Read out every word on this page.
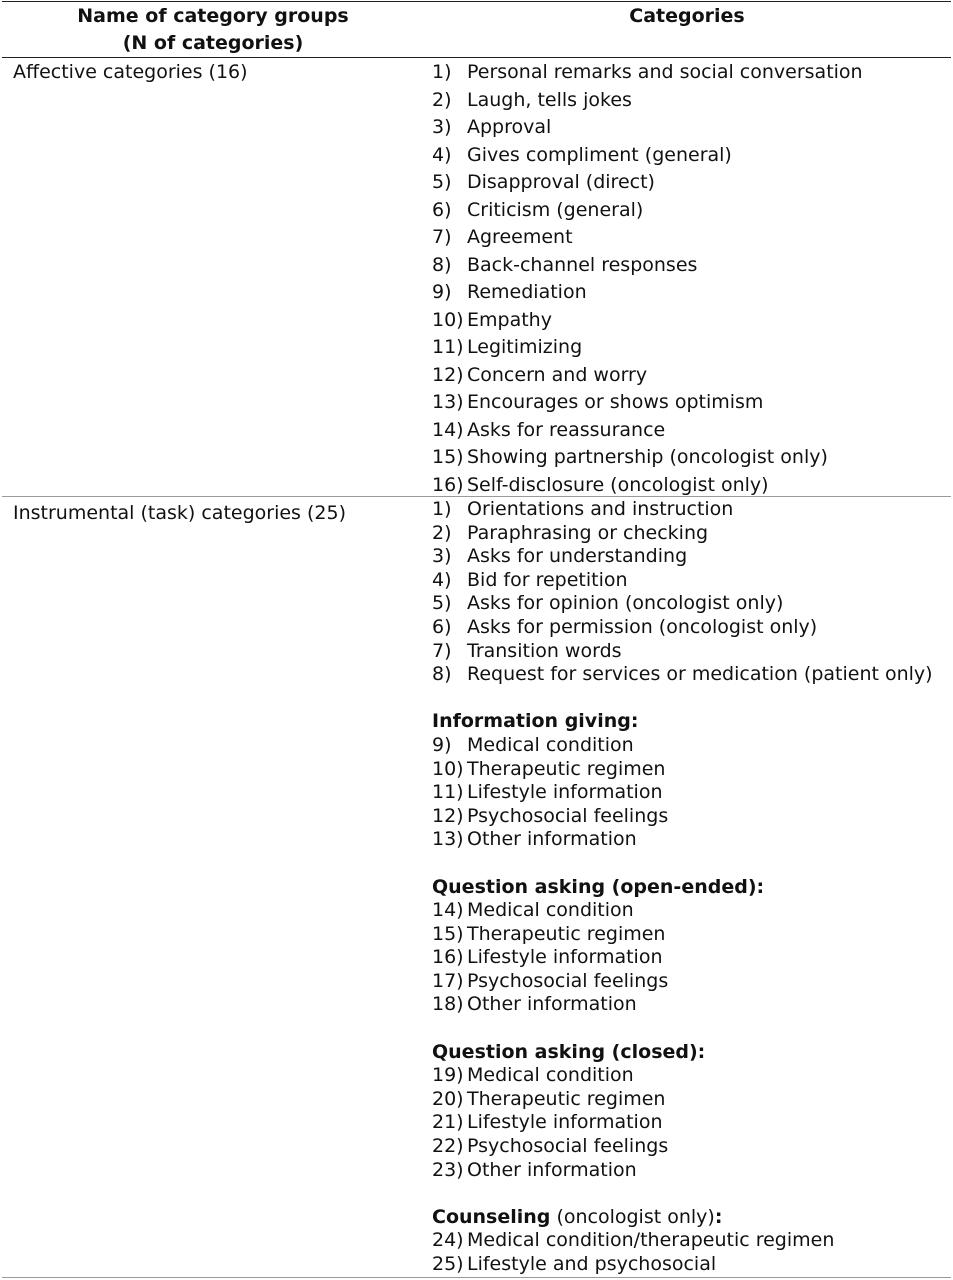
Name of category groups
(N of categories)
Categories
Affective categories (16)	1) Personal remarks and social conversation
2) Laugh, tells jokes
3) Approval
4) Gives compliment (general)
5) Disapproval (direct)
6) Criticism (general)
7) Agreement
8) Back-channel responses
9) Remediation
10) Empathy
11) Legitimizing
12) Concern and worry
13) Encourages or shows optimism
14) Asks for reassurance
15) Showing partnership (oncologist only)
16) Self-disclosure (oncologist only)
Instrumental (task) categories (25)	1) Orientations and instruction
2) Paraphrasing or checking
3) Asks for understanding
4) Bid for repetition
5) Asks for opinion (oncologist only)
6) Asks for permission (oncologist only)
7) Transition words
8) Request for services or medication (patient only)
Information giving:
9) Medical condition
10) Therapeutic regimen
11) Lifestyle information
12) Psychosocial feelings
13) Other information
Question asking (open-ended):
14) Medical condition
15) Therapeutic regimen
16) Lifestyle information
17) Psychosocial feelings
18) Other information
Question asking (closed):
19) Medical condition
20) Therapeutic regimen
21) Lifestyle information
22) Psychosocial feelings
23) Other information
Counseling (oncologist only):
24) Medical condition/therapeutic regimen
25) Lifestyle and psychosocial
